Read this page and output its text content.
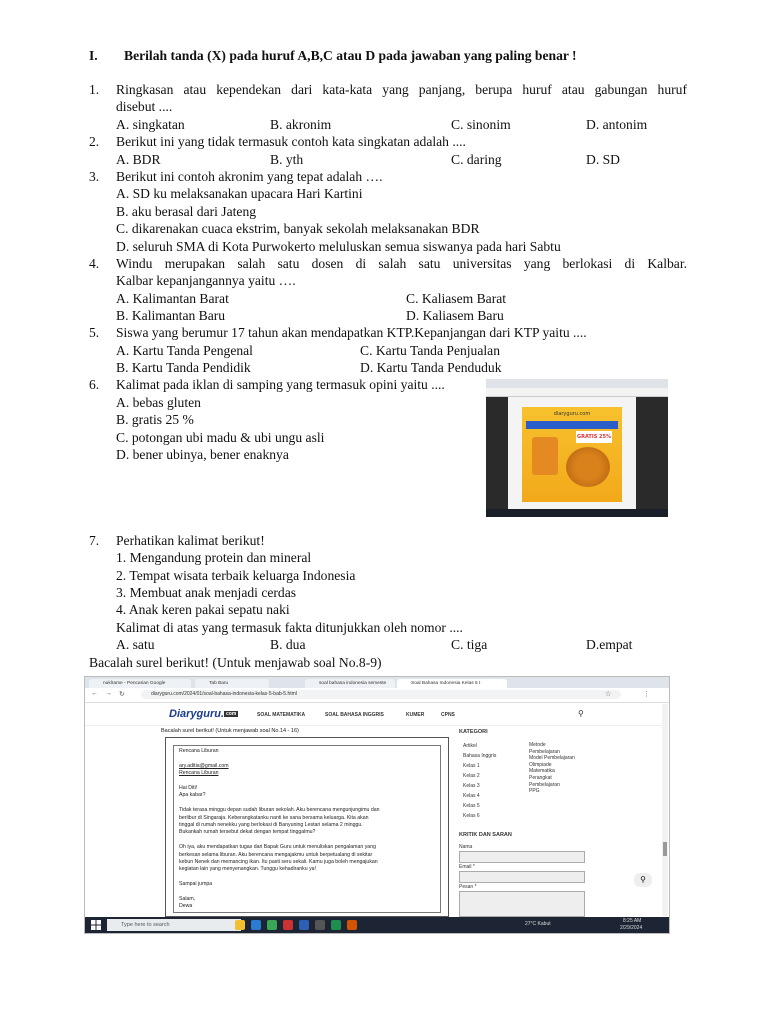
I. Berilah tanda (X) pada huruf A,B,C atau D pada jawaban yang paling benar !
1. Ringkasan atau kependekan dari kata-kata yang panjang, berupa huruf atau gabungan huruf
disebut ....
A. singkatan	B. akronim	C. sinonim	D. antonim
2. Berikut ini yang tidak termasuk contoh kata singkatan adalah ....
A. BDR	B. yth	C. daring	D. SD
3. Berikut ini contoh akronim yang tepat adalah ….
A. SD ku melaksanakan upacara Hari Kartini
B. aku berasal dari Jateng
C. dikarenakan cuaca ekstrim, banyak sekolah melaksanakan BDR
D. seluruh SMA di Kota Purwokerto meluluskan semua siswanya pada hari Sabtu
4. Windu merupakan salah satu dosen di salah satu universitas yang berlokasi di Kalbar.
Kalbar kepanjangannya yaitu ….
A. Kalimantan Barat	C. Kaliasem Barat
B. Kalimantan Baru	D. Kaliasem Baru
5. Siswa yang berumur 17 tahun akan mendapatkan KTP.Kepanjangan dari KTP yaitu ....
A. Kartu Tanda Pengenal	C. Kartu Tanda Penjualan
B. Kartu Tanda Pendidik	D. Kartu Tanda Penduduk
6. Kalimat pada iklan di samping yang termasuk opini yaitu ....
A. bebas gluten
B. gratis 25 %
C. potongan ubi madu & ubi ungu asli
D. bener ubinya, bener enaknya
diaryguru.com
GRATIS 25%
7. Perhatikan kalimat berikut!
1. Mengandung protein dan mineral
2. Tempat wisata terbaik keluarga Indonesia
3. Membuat anak menjadi cerdas
4. Anak keren pakai sepatu naki
Kalimat di atas yang termasuk fakta ditunjukkan oleh nomor ....
A. satu	B. dua	C. tiga	D.empat
Bacalah surel berikut! (Untuk menjawab soal No.8-9)
nuklrame - Pencarian Google	Tab Baru	soal bahasa indonesia semeste	Soal Bahasa Indonesia Kelas 5 t
← → ↻	diaryguru.com/2024/01/soal-bahasa-indonesia-kelas-5-bab-5.html	☆	⋮
Diaryguru. com	SOAL MATEMATIKA	SOAL BAHASA INGGRIS	KUMER	CPNS	⚲
Bacalah surel berikut! (Untuk menjawab soal No.14 - 16)
Rencana Liburan
ary.aditia@gmail.com
Rencana Liburan
Hai Diti!
Apa kabar?
Tidak terasa minggu depan sudah liburan sekolah. Aku berencana mengunjungimu dan
berlibur di Singaraja. Keberangkatanku nanti ke sana bersama keluarga. Kita akan
tinggal di rumah nenekku yang berlokasi di Banyuning Lestari selama 2 minggu.
Bukankah rumah tersebut dekat dengan tempat tinggalmu?
Oh iya, aku mendapatkan tugas dari Bapak Guru untuk menuliskan pengalaman yang
berkesan selama liburan. Aku berencana mengajakmu untuk berpetualang di sekitar
kebun Nenek dan memancing ikan. Itu pasti seru sekali. Kamu juga boleh mengajukan
kegiatan lain yang menyenangkan. Tunggu kehadiranku ya!
Sampai jumpa
Salam,
Dewa
KATEGORI
Artikel
Bahasa Inggris
Kelas 1
Kelas 2
Kelas 3
Kelas 4
Kelas 5
Kelas 6
Metode
Pembelajaran
Model Pembelajaran
Olimpiade
Matematika
Perangkat
Pembelajaran
PPG
KRITIK DAN SARAN
Nama
Email *
Pesan *
⚲
Type here to search	27°C Kabut	8:25 AM
2/29/2024
